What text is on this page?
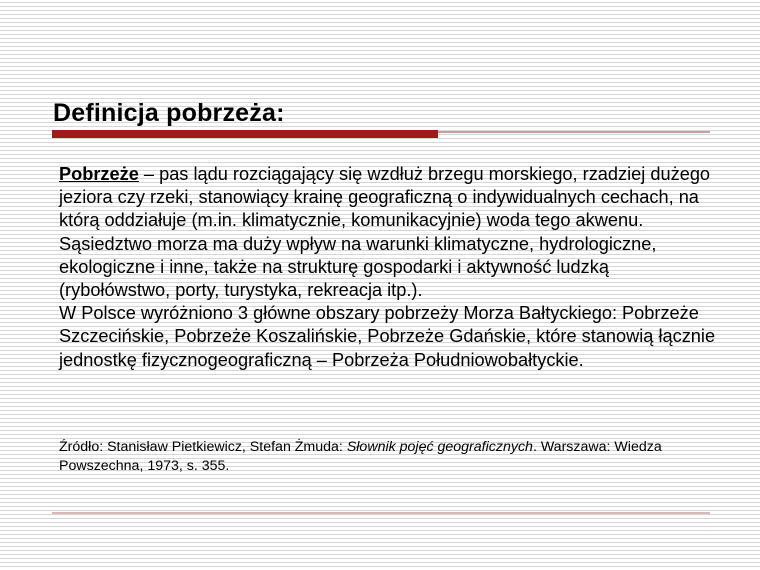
Definicja pobrzeża:

Pobrzeże – pas lądu rozciągający się wzdłuż brzegu morskiego, rzadziej dużego jeziora czy rzeki, stanowiący krainę geograficzną o indywidualnych cechach, na którą oddziałuje (m.in. klimatycznie, komunikacyjnie) woda tego akwenu.

Sąsiedztwo morza ma duży wpływ na warunki klimatyczne, hydrologiczne, ekologiczne i inne, także na strukturę gospodarki i aktywność ludzką (rybołówstwo, porty, turystyka, rekreacja itp.).

W Polsce wyróżniono 3 główne obszary pobrzeży Morza Bałtyckiego: Pobrzeże Szczecińskie, Pobrzeże Koszalińskie, Pobrzeże Gdańskie, które stanowią łącznie jednostkę fizycznogeograficzną – Pobrzeża Południowobałtyckie.

Źródło: Stanisław Pietkiewicz, Stefan Żmuda: Słownik pojęć geograficznych. Warszawa: Wiedza Powszechna, 1973, s. 355.
